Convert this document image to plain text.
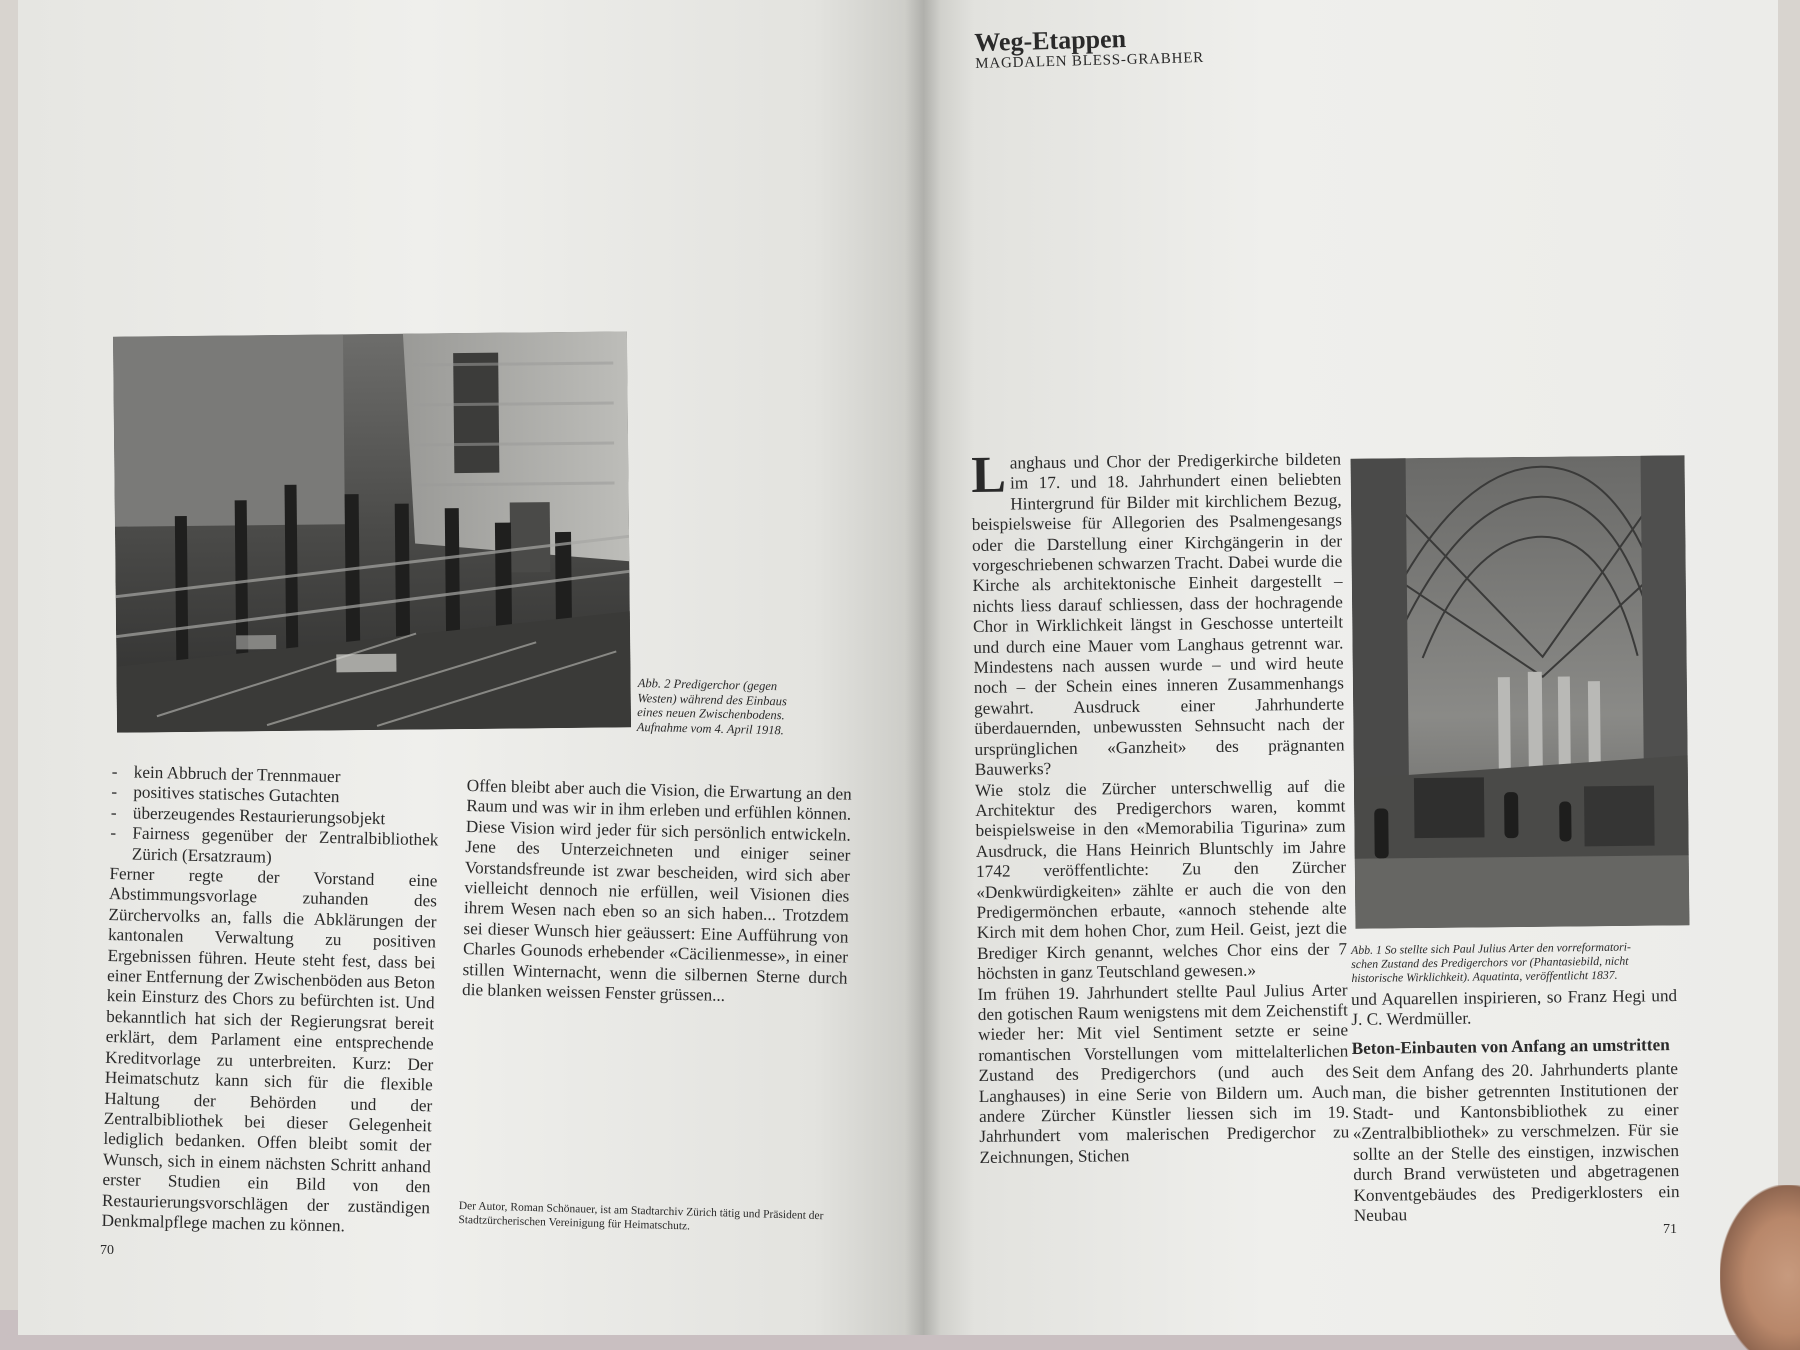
Abb. 2 Predigerchor (gegen
Westen) während des Einbaus
eines neuen Zwischenbodens.
Aufnahme vom 4. April 1918.
- kein Abbruch der Trennmauer
- positives statisches Gutachten
- überzeugendes Restaurierungsobjekt
- Fairness gegenüber der Zentralbibliothek Zürich (Ersatzraum)

Ferner regte der Vorstand eine Abstimmungsvorlage zuhanden des Zürchervolks an, falls die Abklärungen der kantonalen Verwaltung zu positiven Ergebnissen führen. Heute steht fest, dass bei einer Entfernung der Zwischenböden aus Beton kein Einsturz des Chors zu befürchten ist. Und bekanntlich hat sich der Regierungsrat bereit erklärt, dem Parlament eine entsprechende Kreditvorlage zu unterbreiten. Kurz: Der Heimatschutz kann sich für die flexible Haltung der Behörden und der Zentralbibliothek bei dieser Gelegenheit lediglich bedanken. Offen bleibt somit der Wunsch, sich in einem nächsten Schritt anhand erster Studien ein Bild von den Restaurierungsvorschlägen der zuständigen Denkmalpflege machen zu können.

Offen bleibt aber auch die Vision, die Erwartung an den Raum und was wir in ihm erleben und erfühlen können. Diese Vision wird jeder für sich persönlich entwickeln. Jene des Unterzeichneten und einiger seiner Vorstandsfreunde ist zwar bescheiden, wird sich aber vielleicht dennoch nie erfüllen, weil Visionen dies ihrem Wesen nach eben so an sich haben... Trotzdem sei dieser Wunsch hier geäussert: Eine Aufführung von Charles Gounods erhebender «Cäcilienmesse», in einer stillen Winternacht, wenn die silbernen Sterne durch die blanken weissen Fenster grüssen...

Der Autor, Roman Schönauer, ist am Stadtarchiv Zürich tätig und Präsident der Stadtzürcherischen Vereinigung für Heimatschutz.
70
Weg-Etappen
MAGDALEN BLESS-GRABHER

Langhaus und Chor der Predigerkirche bildeten im 17. und 18. Jahrhundert einen beliebten Hintergrund für Bilder mit kirchlichem Bezug, beispielsweise für Allegorien des Psalmengesangs oder die Darstellung einer Kirchgängerin in der vorgeschriebenen schwarzen Tracht. Dabei wurde die Kirche als architektonische Einheit dargestellt – nichts liess darauf schliessen, dass der hochragende Chor in Wirklichkeit längst in Geschosse unterteilt und durch eine Mauer vom Langhaus getrennt war. Mindestens nach aussen wurde – und wird heute noch – der Schein eines inneren Zusammenhangs gewahrt. Ausdruck einer Jahrhunderte überdauernden, unbewussten Sehnsucht nach der ursprünglichen «Ganzheit» des prägnanten Bauwerks?

Wie stolz die Zürcher unterschwellig auf die Architektur des Predigerchors waren, kommt beispielsweise in den «Memorabilia Tigurina» zum Ausdruck, die Hans Heinrich Bluntschly im Jahre 1742 veröffentlichte: Zu den Zürcher «Denkwürdigkeiten» zählte er auch die von den Predigermönchen erbaute, «annoch stehende alte Kirch mit dem hohen Chor, zum Heil. Geist, jezt die Brediger Kirch genannt, welches Chor eins der 7 höchsten in ganz Teutschland gewesen.»

Im frühen 19. Jahrhundert stellte Paul Julius Arter den gotischen Raum wenigstens mit dem Zeichenstift wieder her: Mit viel Sentiment setzte er seine romantischen Vorstellungen vom mittelalterlichen Zustand des Predigerchors (und auch des Langhauses) in eine Serie von Bildern um. Auch andere Zürcher Künstler liessen sich im 19. Jahrhundert vom malerischen Predigerchor zu Zeichnungen, Stichen

Abb. 1 So stellte sich Paul Julius Arter den vorreformatori-
schen Zustand des Predigerchors vor (Phantasiebild, nicht
historische Wirklichkeit). Aquatinta, veröffentlicht 1837.

und Aquarellen inspirieren, so Franz Hegi und J. C. Werdmüller.

Beton-Einbauten von Anfang an umstritten

Seit dem Anfang des 20. Jahrhunderts plante man, die bisher getrennten Institutionen der Stadt- und Kantonsbibliothek zu einer «Zentralbibliothek» zu verschmelzen. Für sie sollte an der Stelle des einstigen, inzwischen durch Brand verwüsteten und abgetragenen Konventgebäudes des Predigerklosters ein Neubau

71
